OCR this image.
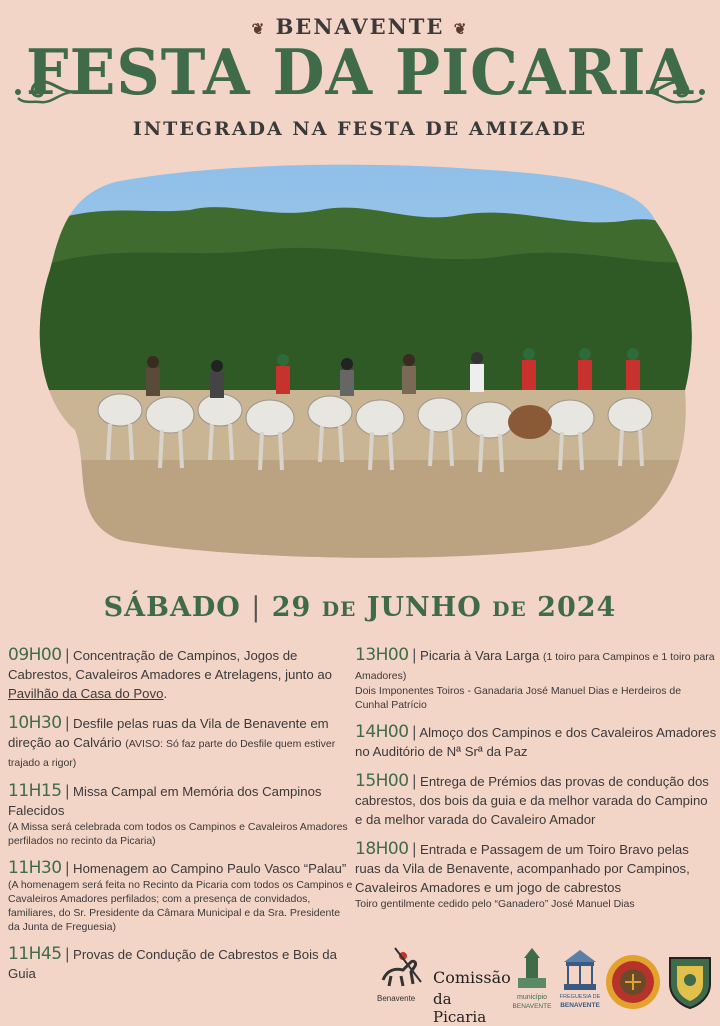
❦ BENAVENTE ❦
FESTA DA PICARIA
INTEGRADA NA FESTA DE AMIZADE
SÁBADO | 29 DE JUNHO DE 2024
09H00 | Concentração de Campinos, Jogos de Cabrestos, Cavaleiros Amadores e Atrelagens, junto ao Pavilhão da Casa do Povo.
10H30 | Desfile pelas ruas da Vila de Benavente em direção ao Calvário (AVISO: Só faz parte do Desfile quem estiver trajado a rigor)
11H15 | Missa Campal em Memória dos Campinos Falecidos
(A Missa será celebrada com todos os Campinos e Cavaleiros Amadores perfilados no recinto da Picaria)
11H30 | Homenagem ao Campino Paulo Vasco “Palau”
(A homenagem será feita no Recinto da Picaria com todos os Campinos e Cavaleiros Amadores perfilados; com a presença de convidados, familiares, do Sr. Presidente da Câmara Municipal e da Sra. Presidente da Junta de Freguesia)
11H45 | Provas de Condução de Cabrestos e Bois da Guia
13H00 | Picaria à Vara Larga (1 toiro para Campinos e 1 toiro para Amadores)
Dois Imponentes Toiros - Ganadaria José Manuel Dias e Herdeiros de Cunhal Patrício
14H00 | Almoço dos Campinos e dos Cavaleiros Amadores no Auditório de Nª Srª da Paz
15H00 | Entrega de Prémios das provas de condução dos cabrestos, dos bois da guia e da melhor varada do Campino e da melhor varada do Cavaleiro Amador
18H00 | Entrada e Passagem de um Toiro Bravo pelas ruas da Vila de Benavente, acompanhado por Campinos, Cavaleiros Amadores e um jogo de cabrestos
Toiro gentilmente cedido pelo “Ganadero” José Manuel Dias
Benavente
Comissão
da Picaria
município
BENAVENTE
FREGUESIA DE
BENAVENTE
